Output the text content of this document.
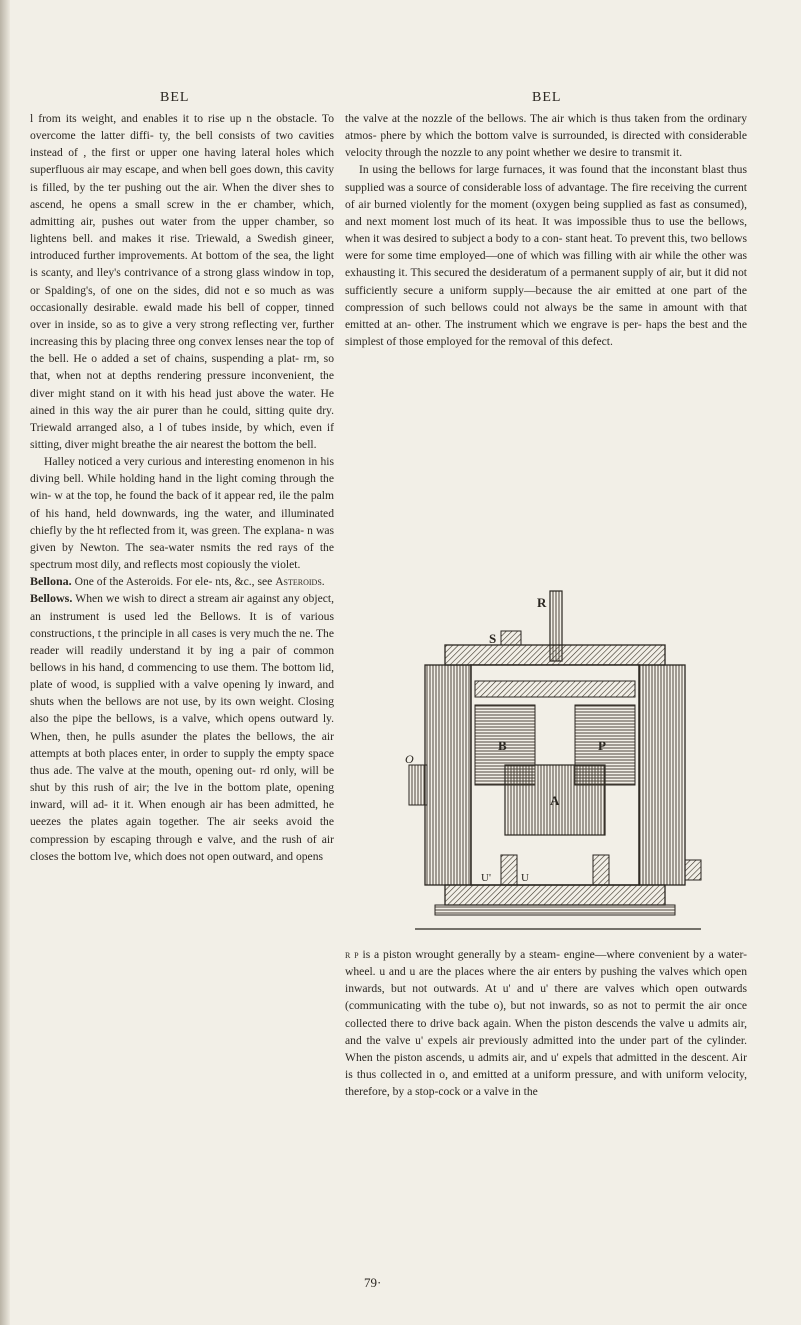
BEL	BEL

l from its weight, and enables it to rise up n the obstacle. To overcome the latter diffi- ty, the bell consists of two cavities instead of , the first or upper one having lateral holes which superfluous air may escape, and when bell goes down, this cavity is filled, by the ter pushing out the air. When the diver shes to ascend, he opens a small screw in the er chamber, which, admitting air, pushes out water from the upper chamber, so lightens bell. and makes it rise. Triewald, a Swedish gineer, introduced further improvements. At bottom of the sea, the light is scanty, and lley's contrivance of a strong glass window in top, or Spalding's, of one on the sides, did not e so much as was occasionally desirable. ewald made his bell of copper, tinned over in inside, so as to give a very strong reflecting ver, further increasing this by placing three ong convex lenses near the top of the bell. He o added a set of chains, suspending a plat- rm, so that, when not at depths rendering pressure inconvenient, the diver might stand on it with his head just above the water. He ained in this way the air purer than he could, sitting quite dry. Triewald arranged also, a l of tubes inside, by which, even if sitting, diver might breathe the air nearest the bottom the bell.

Halley noticed a very curious and interesting enomenon in his diving bell. While holding hand in the light coming through the win- w at the top, he found the back of it appear red, ile the palm of his hand, held downwards, ing the water, and illuminated chiefly by the ht reflected from it, was green. The explana- n was given by Newton. The sea-water nsmits the red rays of the spectrum most dily, and reflects most copiously the violet.

Bellona. One of the Asteroids. For ele- nts, &c., see Asteroids.

Bellows. When we wish to direct a stream air against any object, an instrument is used led the Bellows. It is of various constructions, t the principle in all cases is very much the ne. The reader will readily understand it by ing a pair of common bellows in his hand, d commencing to use them. The bottom lid, plate of wood, is supplied with a valve opening ly inward, and shuts when the bellows are not use, by its own weight. Closing also the pipe the bellows, is a valve, which opens outward ly. When, then, he pulls asunder the plates the bellows, the air attempts at both places enter, in order to supply the empty space thus ade. The valve at the mouth, opening out- rd only, will be shut by this rush of air; the lve in the bottom plate, opening inward, will ad- it it. When enough air has been admitted, he ueezes the plates again together. The air seeks avoid the compression by escaping through e valve, and the rush of air closes the bottom lve, which does not open outward, and opens

the valve at the nozzle of the bellows. The air which is thus taken from the ordinary atmos- phere by which the bottom valve is surrounded, is directed with considerable velocity through the nozzle to any point whether we desire to transmit it.

In using the bellows for large furnaces, it was found that the inconstant blast thus supplied was a source of considerable loss of advantage. The fire receiving the current of air burned violently for the moment (oxygen being supplied as fast as consumed), and next moment lost much of its heat. It was impossible thus to use the bellows, when it was desired to subject a body to a con- stant heat. To prevent this, two bellows were for some time employed—one of which was filling with air while the other was exhausting it. This secured the desideratum of a permanent supply of air, but it did not sufficiently secure a uniform supply—because the air emitted at one part of the compression of such bellows could not always be the same in amount with that emitted at an- other. The instrument which we engrave is per- haps the best and the simplest of those employed for the removal of this defect.

R
S
B	P
A
O
U'	U

r p is a piston wrought generally by a steam- engine—where convenient by a water-wheel. u and u are the places where the air enters by pushing the valves which open inwards, but not outwards. At u' and u' there are valves which open outwards (communicating with the tube o), but not inwards, so as not to permit the air once collected there to drive back again. When the piston descends the valve u admits air, and the valve u' expels air previously admitted into the under part of the cylinder. When the piston ascends, u admits air, and u' expels that admitted in the descent. Air is thus collected in o, and emitted at a uniform pressure, and with uniform velocity, therefore, by a stop-cock or a valve in the

79·
